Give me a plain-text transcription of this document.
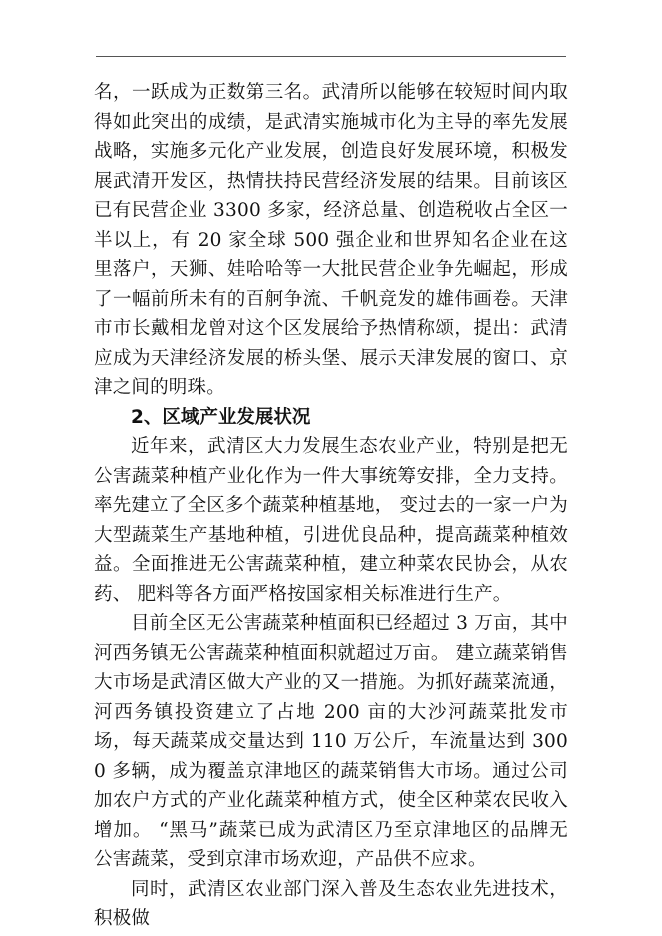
名，一跃成为正数第三名。武清所以能够在较短时间内取得如此突出的成绩，是武清实施城市化为主导的率先发展战略，实施多元化产业发展，创造良好发展环境，积极发展武清开发区，热情扶持民营经济发展的结果。目前该区已有民营企业 3300 多家，经济总量、创造税收占全区一半以上，有 20 家全球 500 强企业和世界知名企业在这里落户，天狮、娃哈哈等一大批民营企业争先崛起，形成了一幅前所未有的百舸争流、千帆竞发的雄伟画卷。天津市市长戴相龙曾对这个区发展给予热情称颂，提出：武清应成为天津经济发展的桥头堡、展示天津发展的窗口、京津之间的明珠。

2、区域产业发展状况

近年来，武清区大力发展生态农业产业，特别是把无公害蔬菜种植产业化作为一件大事统筹安排，全力支持。率先建立了全区多个蔬菜种植基地， 变过去的一家一户为大型蔬菜生产基地种植，引进优良品种，提高蔬菜种植效益。全面推进无公害蔬菜种植，建立种菜农民协会，从农药、 肥料等各方面严格按国家相关标准进行生产。

目前全区无公害蔬菜种植面积已经超过 3 万亩，其中河西务镇无公害蔬菜种植面积就超过万亩。 建立蔬菜销售大市场是武清区做大产业的又一措施。为抓好蔬菜流通，河西务镇投资建立了占地 200 亩的大沙河蔬菜批发市场，每天蔬菜成交量达到 110 万公斤，车流量达到 3000 多辆，成为覆盖京津地区的蔬菜销售大市场。通过公司加农户方式的产业化蔬菜种植方式，使全区种菜农民收入增加。 “黑马”蔬菜已成为武清区乃至京津地区的品牌无公害蔬菜，受到京津市场欢迎，产品供不应求。

同时，武清区农业部门深入普及生态农业先进技术，积极做
